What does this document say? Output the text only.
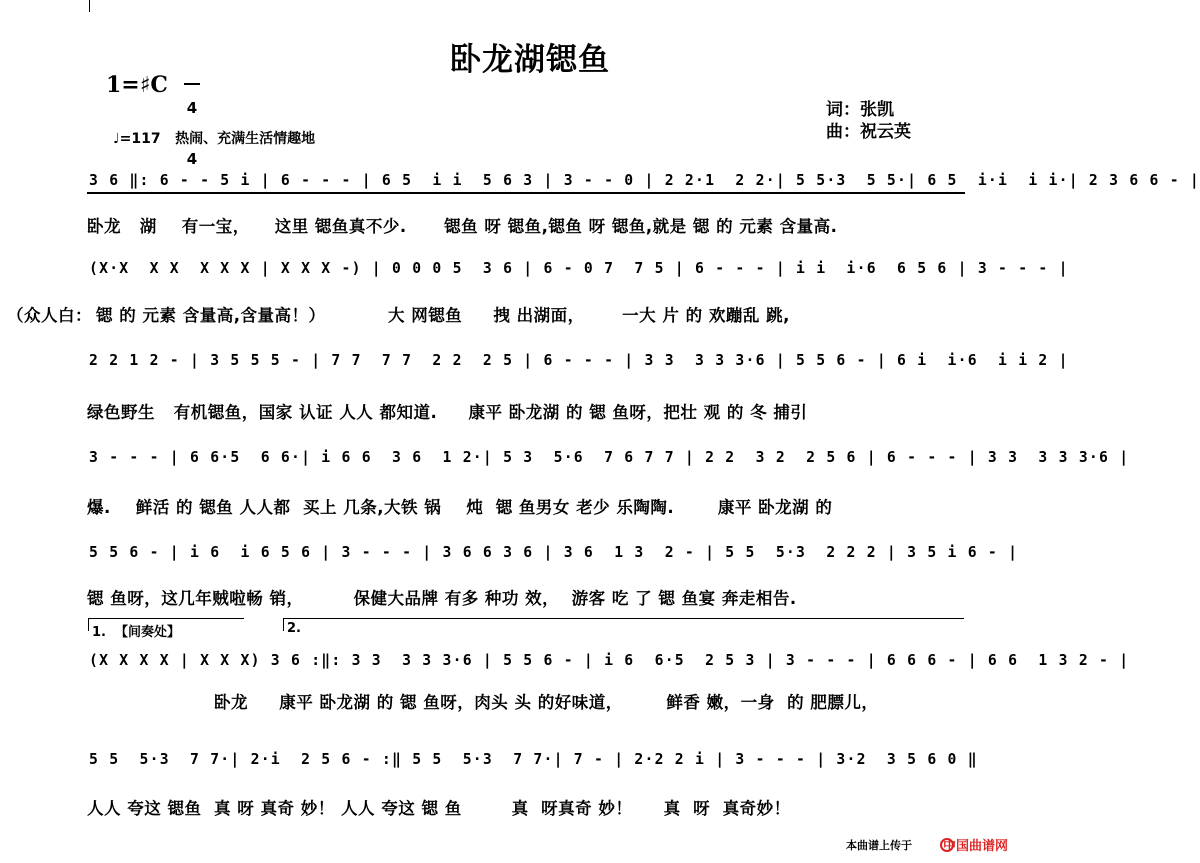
卧龙湖锶鱼
1=♯C

4

4

♩=117   热闹、充满生活情趣地
词：张凯
曲：祝云英
3 6 ‖: 6 - - 5 i | 6 - - - | 6 5  i i  5 6 3 | 3 - - 0 | 2 2·1  2 2·| 5 5·3  5 5·| 6 5  i·i  i i·| 2 3 6 6 - |
卧龙   湖    有一宝，    这里 锶鱼真不少.      锶鱼 呀 锶鱼,锶鱼 呀 锶鱼,就是 锶 的 元素 含量高.
(X·X  X X  X X X | X X X -) | 0 0 0 5  3 6 | 6 - 0 7  7 5 | 6 - - - | i i  i·6  6 5 6 | 3 - - - |
（众人白： 锶 的 元素 含量高,含量高！）          大 网锶鱼     拽 出湖面，      一大 片 的 欢蹦乱 跳,
2 2 1 2 - | 3 5 5 5 - | 7 7  7 7  2 2  2 5 | 6 - - - | 3 3  3 3 3·6 | 5 5 6 - | 6 i  i·6  i i 2 |
绿色野生   有机锶鱼，国家 认证 人人 都知道.     康平 卧龙湖 的 锶 鱼呀，把壮 观 的 冬 捕引
3 - - - | 6 6·5  6 6·| i 6 6  3 6  1 2·| 5 3  5·6  7 6 7 7 | 2 2  3 2  2 5 6 | 6 - - - | 3 3  3 3 3·6 |
爆.    鲜活 的 锶鱼 人人都  买上 几条,大铁 锅    炖  锶 鱼男女 老少 乐陶陶.       康平 卧龙湖 的
5 5 6 - | i 6  i 6 5 6 | 3 - - - | 3 6 6 3 6 | 3 6  1 3  2 - | 5 5  5·3  2 2 2 | 3 5 i 6 - |
锶 鱼呀，这几年贼啦畅 销，        保健大品牌 有多 种功 效，  游客 吃 了 锶 鱼宴 奔走相告.
1.  【间奏处】	2.
(X X X X | X X X) 3 6 :‖: 3 3  3 3 3·6 | 5 5 6 - | i 6  6·5  2 5 3 | 3 - - - | 6 6 6 - | 6 6  1 3 2 - |
卧龙     康平 卧龙湖 的 锶 鱼呀，肉头 头 的好味道，       鲜香 嫩，一身  的 肥膘儿，
5 5  5·3  7 7·| 2·i  2 5 6 - :‖ 5 5  5·3  7 7·| 7 - | 2·2 2 i | 3 - - - | 3·2  3 5 6 0 ‖
人人 夸这 锶鱼  真 呀 真奇 妙！ 人人 夸这 锶 鱼        真  呀真奇 妙！     真  呀  真奇妙！
本曲谱上传于 中国曲谱网
